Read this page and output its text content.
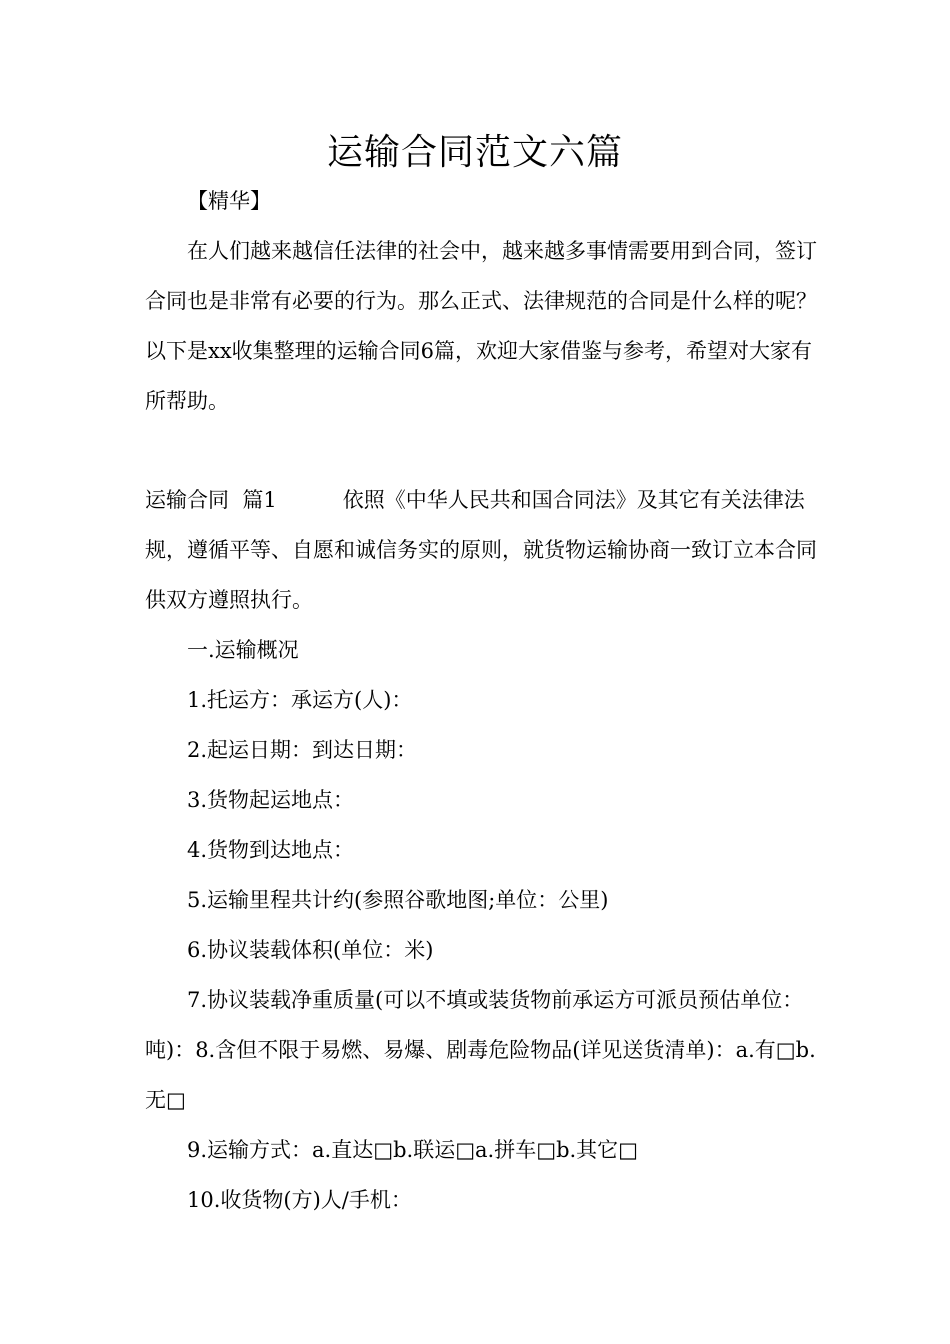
运输合同范文六篇

【精华】

在人们越来越信任法律的社会中，越来越多事情需要用到合同，签订合同也是非常有必要的行为。那么正式、法律规范的合同是什么样的呢？以下是xx收集整理的运输合同6篇，欢迎大家借鉴与参考，希望对大家有所帮助。

运输合同  篇1	依照《中华人民共和国合同法》及其它有关法律法规，遵循平等、自愿和诚信务实的原则，就货物运输协商一致订立本合同供双方遵照执行。

一.运输概况

1.托运方：承运方(人)：

2.起运日期：到达日期：

3.货物起运地点：

4.货物到达地点：

5.运输里程共计约(参照谷歌地图;单位：公里)

6.协议装载体积(单位：米)

7.协议装载净重质量(可以不填或装货物前承运方可派员预估单位：吨)：8.含但不限于易燃、易爆、剧毒危险物品(详见送货清单)：a.有□b.无□

9.运输方式：a.直达□b.联运□a.拼车□b.其它□

10.收货物(方)人/手机：
